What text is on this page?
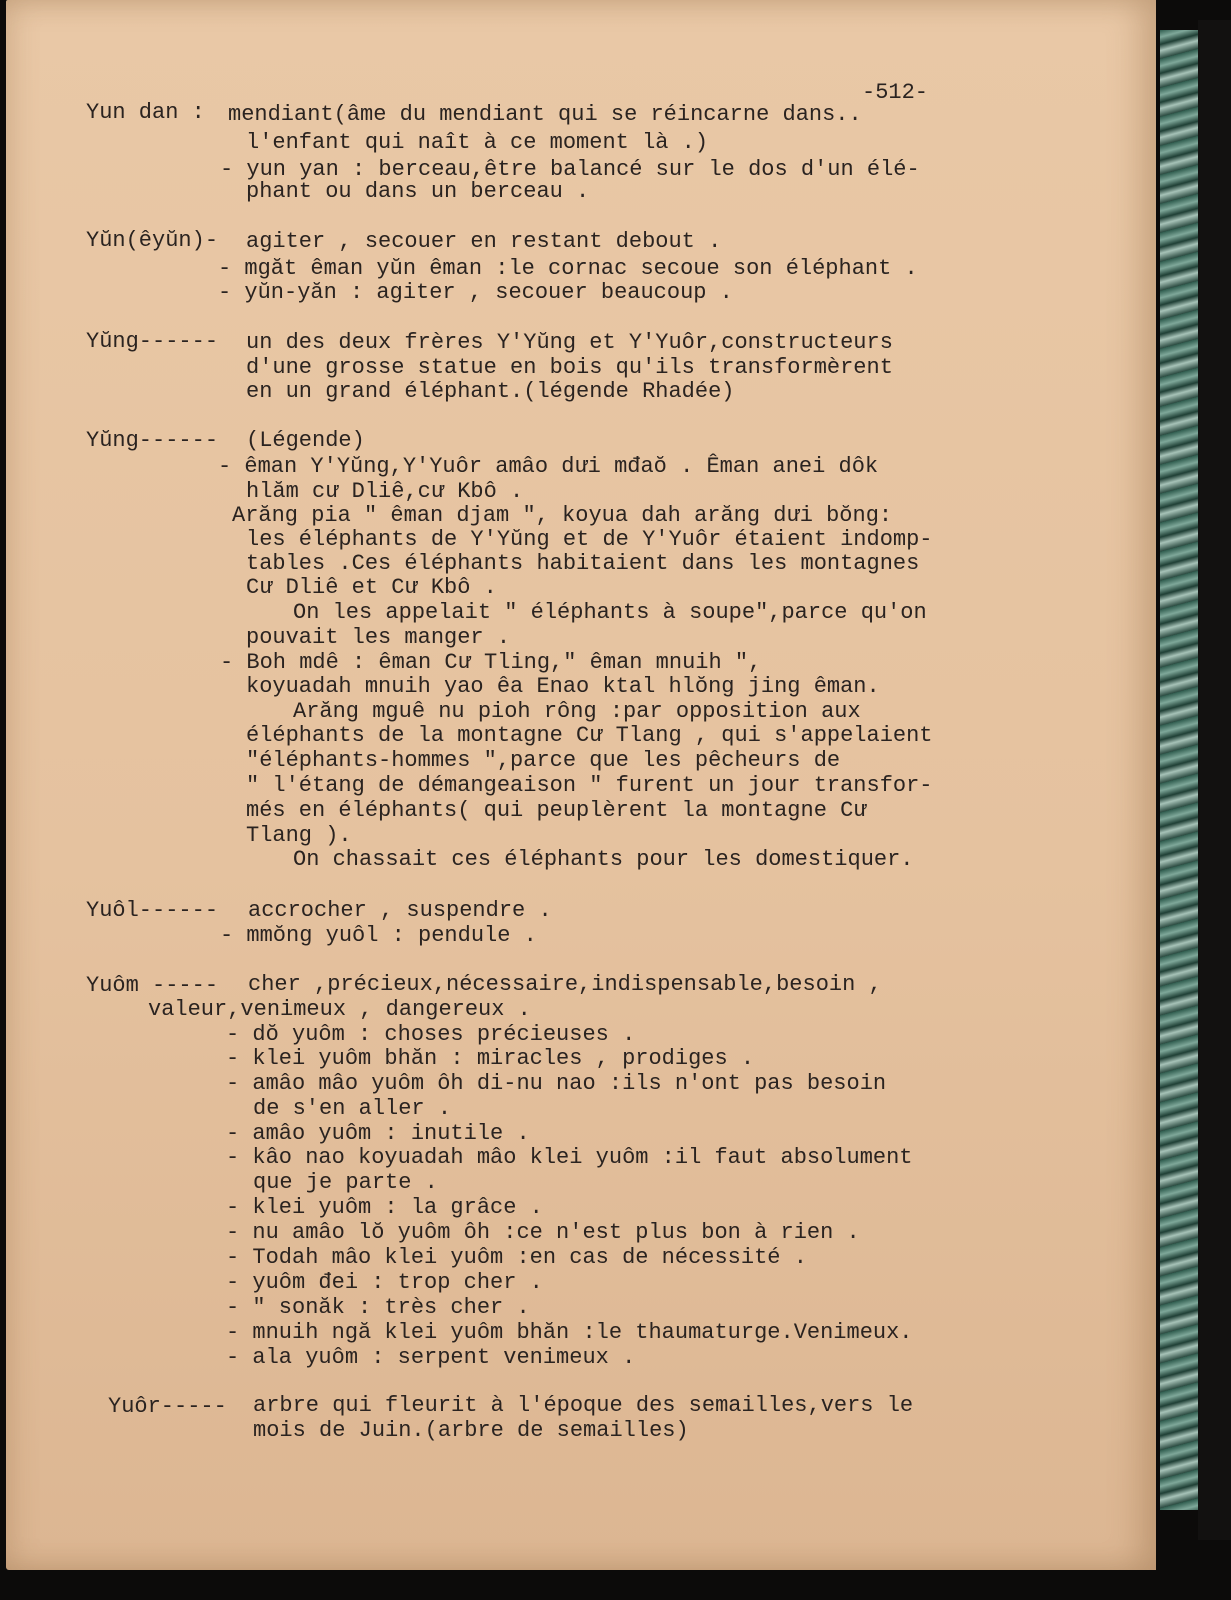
-512-
Yun dan : mendiant(âme du mendiant qui se réincarne dans..
l'enfant qui naît à ce moment là .)
- yun yan : berceau,être balancé sur le dos d'un élé-
phant ou dans un berceau .
Yŭn(êyŭn)- agiter , secouer en restant debout .
- mgăt êman yŭn êman :le cornac secoue son éléphant .
- yŭn-yăn : agiter , secouer beaucoup .
Yŭng------ un des deux frères Y'Yŭng et Y'Yuôr,constructeurs
d'une grosse statue en bois qu'ils transformèrent
en un grand éléphant.(légende Rhadée)
Yŭng------ (Légende)
- êman Y'Yŭng,Y'Yuôr amâo dưi mđaŏ . Êman anei dôk
hlăm cư Dliê,cư Kbô .
Arăng pia " êman djam ", koyua dah arăng dưi bŏng:
les éléphants de Y'Yŭng et de Y'Yuôr étaient indomp-
tables .Ces éléphants habitaient dans les montagnes
Cư Dliê et Cư Kbô .
On les appelait " éléphants à soupe",parce qu'on
pouvait les manger .
- Boh mdê : êman Cư Tling," êman mnuih ",
koyuadah mnuih yao êa Enao ktal hlŏng jing êman.
Arăng mguê nu pioh rông :par opposition aux
éléphants de la montagne Cư Tlang , qui s'appelaient
"éléphants-hommes ",parce que les pêcheurs de
" l'étang de démangeaison " furent un jour transfor-
més en éléphants( qui peuplèrent la montagne Cư
Tlang ).
On chassait ces éléphants pour les domestiquer.
Yuôl------ accrocher , suspendre .
- mmŏng yuôl : pendule .
Yuôm ----- cher ,précieux,nécessaire,indispensable,besoin ,
valeur,venimeux , dangereux .
- dŏ yuôm : choses précieuses .
- klei yuôm bhăn : miracles , prodiges .
- amâo mâo yuôm ôh di-nu nao :ils n'ont pas besoin
de s'en aller .
- amâo yuôm : inutile .
- kâo nao koyuadah mâo klei yuôm :il faut absolument
que je parte .
- klei yuôm : la grâce .
- nu amâo lŏ yuôm ôh :ce n'est plus bon à rien .
- Todah mâo klei yuôm :en cas de nécessité .
- yuôm đei : trop cher .
- " sonăk : très cher .
- mnuih ngă klei yuôm bhăn :le thaumaturge.Venimeux.
- ala yuôm : serpent venimeux .
Yuôr----- arbre qui fleurit à l'époque des semailles,vers le
mois de Juin.(arbre de semailles)
